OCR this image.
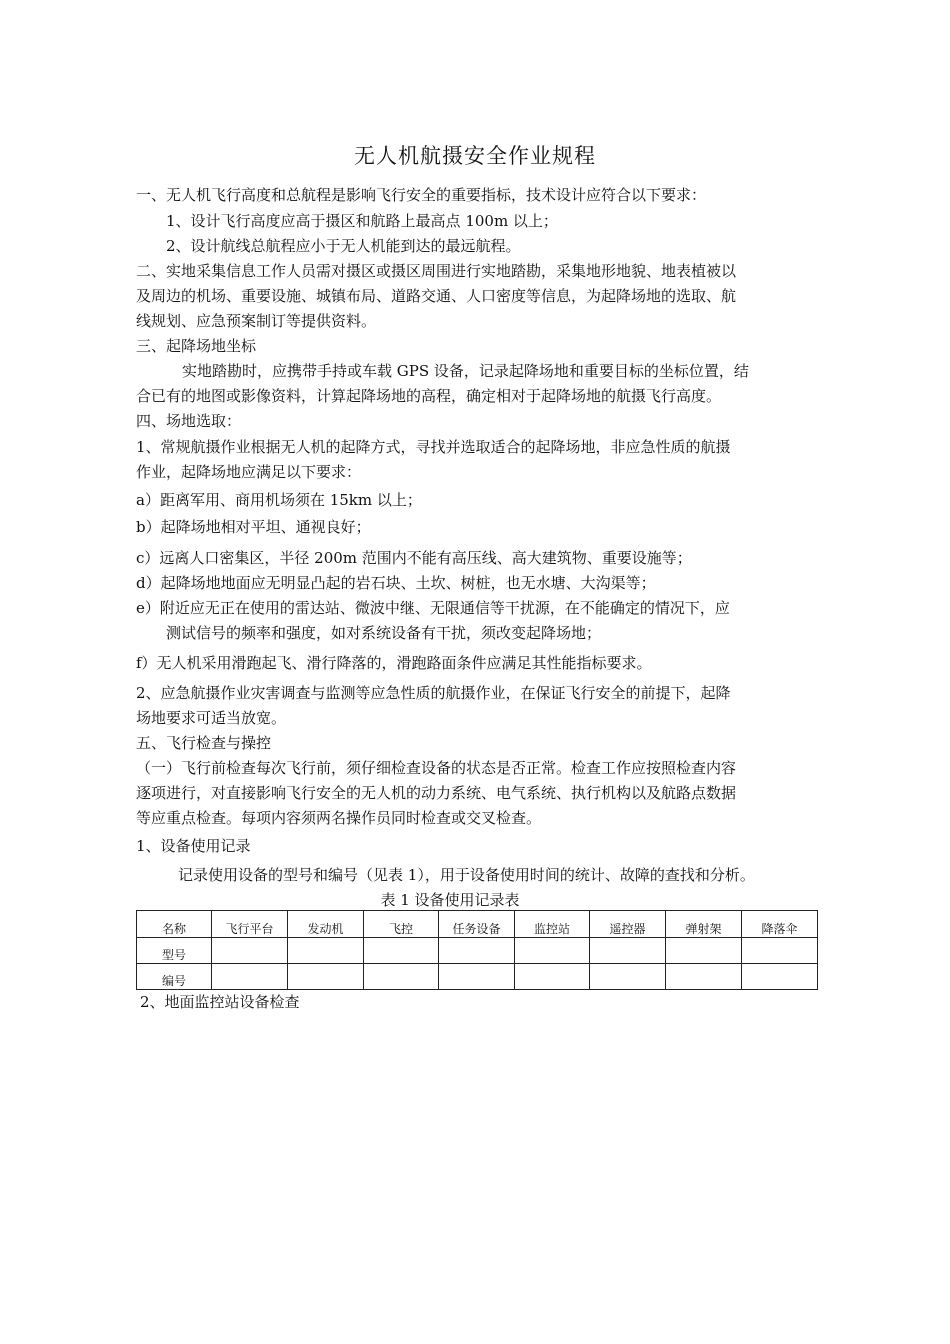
无人机航摄安全作业规程
一、无人机飞行高度和总航程是影响飞行安全的重要指标，技术设计应符合以下要求：
1、设计飞行高度应高于摄区和航路上最高点 100m 以上；
2、设计航线总航程应小于无人机能到达的最远航程。
二、实地采集信息工作人员需对摄区或摄区周围进行实地踏勘，采集地形地貌、地表植被以
及周边的机场、重要设施、城镇布局、道路交通、人口密度等信息，为起降场地的选取、航
线规划、应急预案制订等提供资料。
三、起降场地坐标
实地踏勘时，应携带手持或车载 GPS 设备，记录起降场地和重要目标的坐标位置，结
合已有的地图或影像资料，计算起降场地的高程，确定相对于起降场地的航摄飞行高度。
四、场地选取：
1、常规航摄作业根据无人机的起降方式，寻找并选取适合的起降场地，非应急性质的航摄
作业，起降场地应满足以下要求：
a）距离军用、商用机场须在 15km 以上；
b）起降场地相对平坦、通视良好；
c）远离人口密集区，半径 200m 范围内不能有高压线、高大建筑物、重要设施等；
d）起降场地地面应无明显凸起的岩石块、土坎、树桩，也无水塘、大沟渠等；
e）附近应无正在使用的雷达站、微波中继、无限通信等干扰源，在不能确定的情况下，应
测试信号的频率和强度，如对系统设备有干扰，须改变起降场地；
f）无人机采用滑跑起飞、滑行降落的，滑跑路面条件应满足其性能指标要求。
2、应急航摄作业灾害调查与监测等应急性质的航摄作业，在保证飞行安全的前提下，起降
场地要求可适当放宽。
五、飞行检查与操控
（一）飞行前检查每次飞行前，须仔细检查设备的状态是否正常。检查工作应按照检查内容
逐项进行，对直接影响飞行安全的无人机的动力系统、电气系统、执行机构以及航路点数据
等应重点检查。每项内容须两名操作员同时检查或交叉检查。
1、设备使用记录
记录使用设备的型号和编号（见表 1），用于设备使用时间的统计、故障的查找和分析。
表 1 设备使用记录表
名称	飞行平台	发动机	飞控	任务设备	监控站	遥控器	弹射架	降落伞
型号								
编号								
2、地面监控站设备检查
